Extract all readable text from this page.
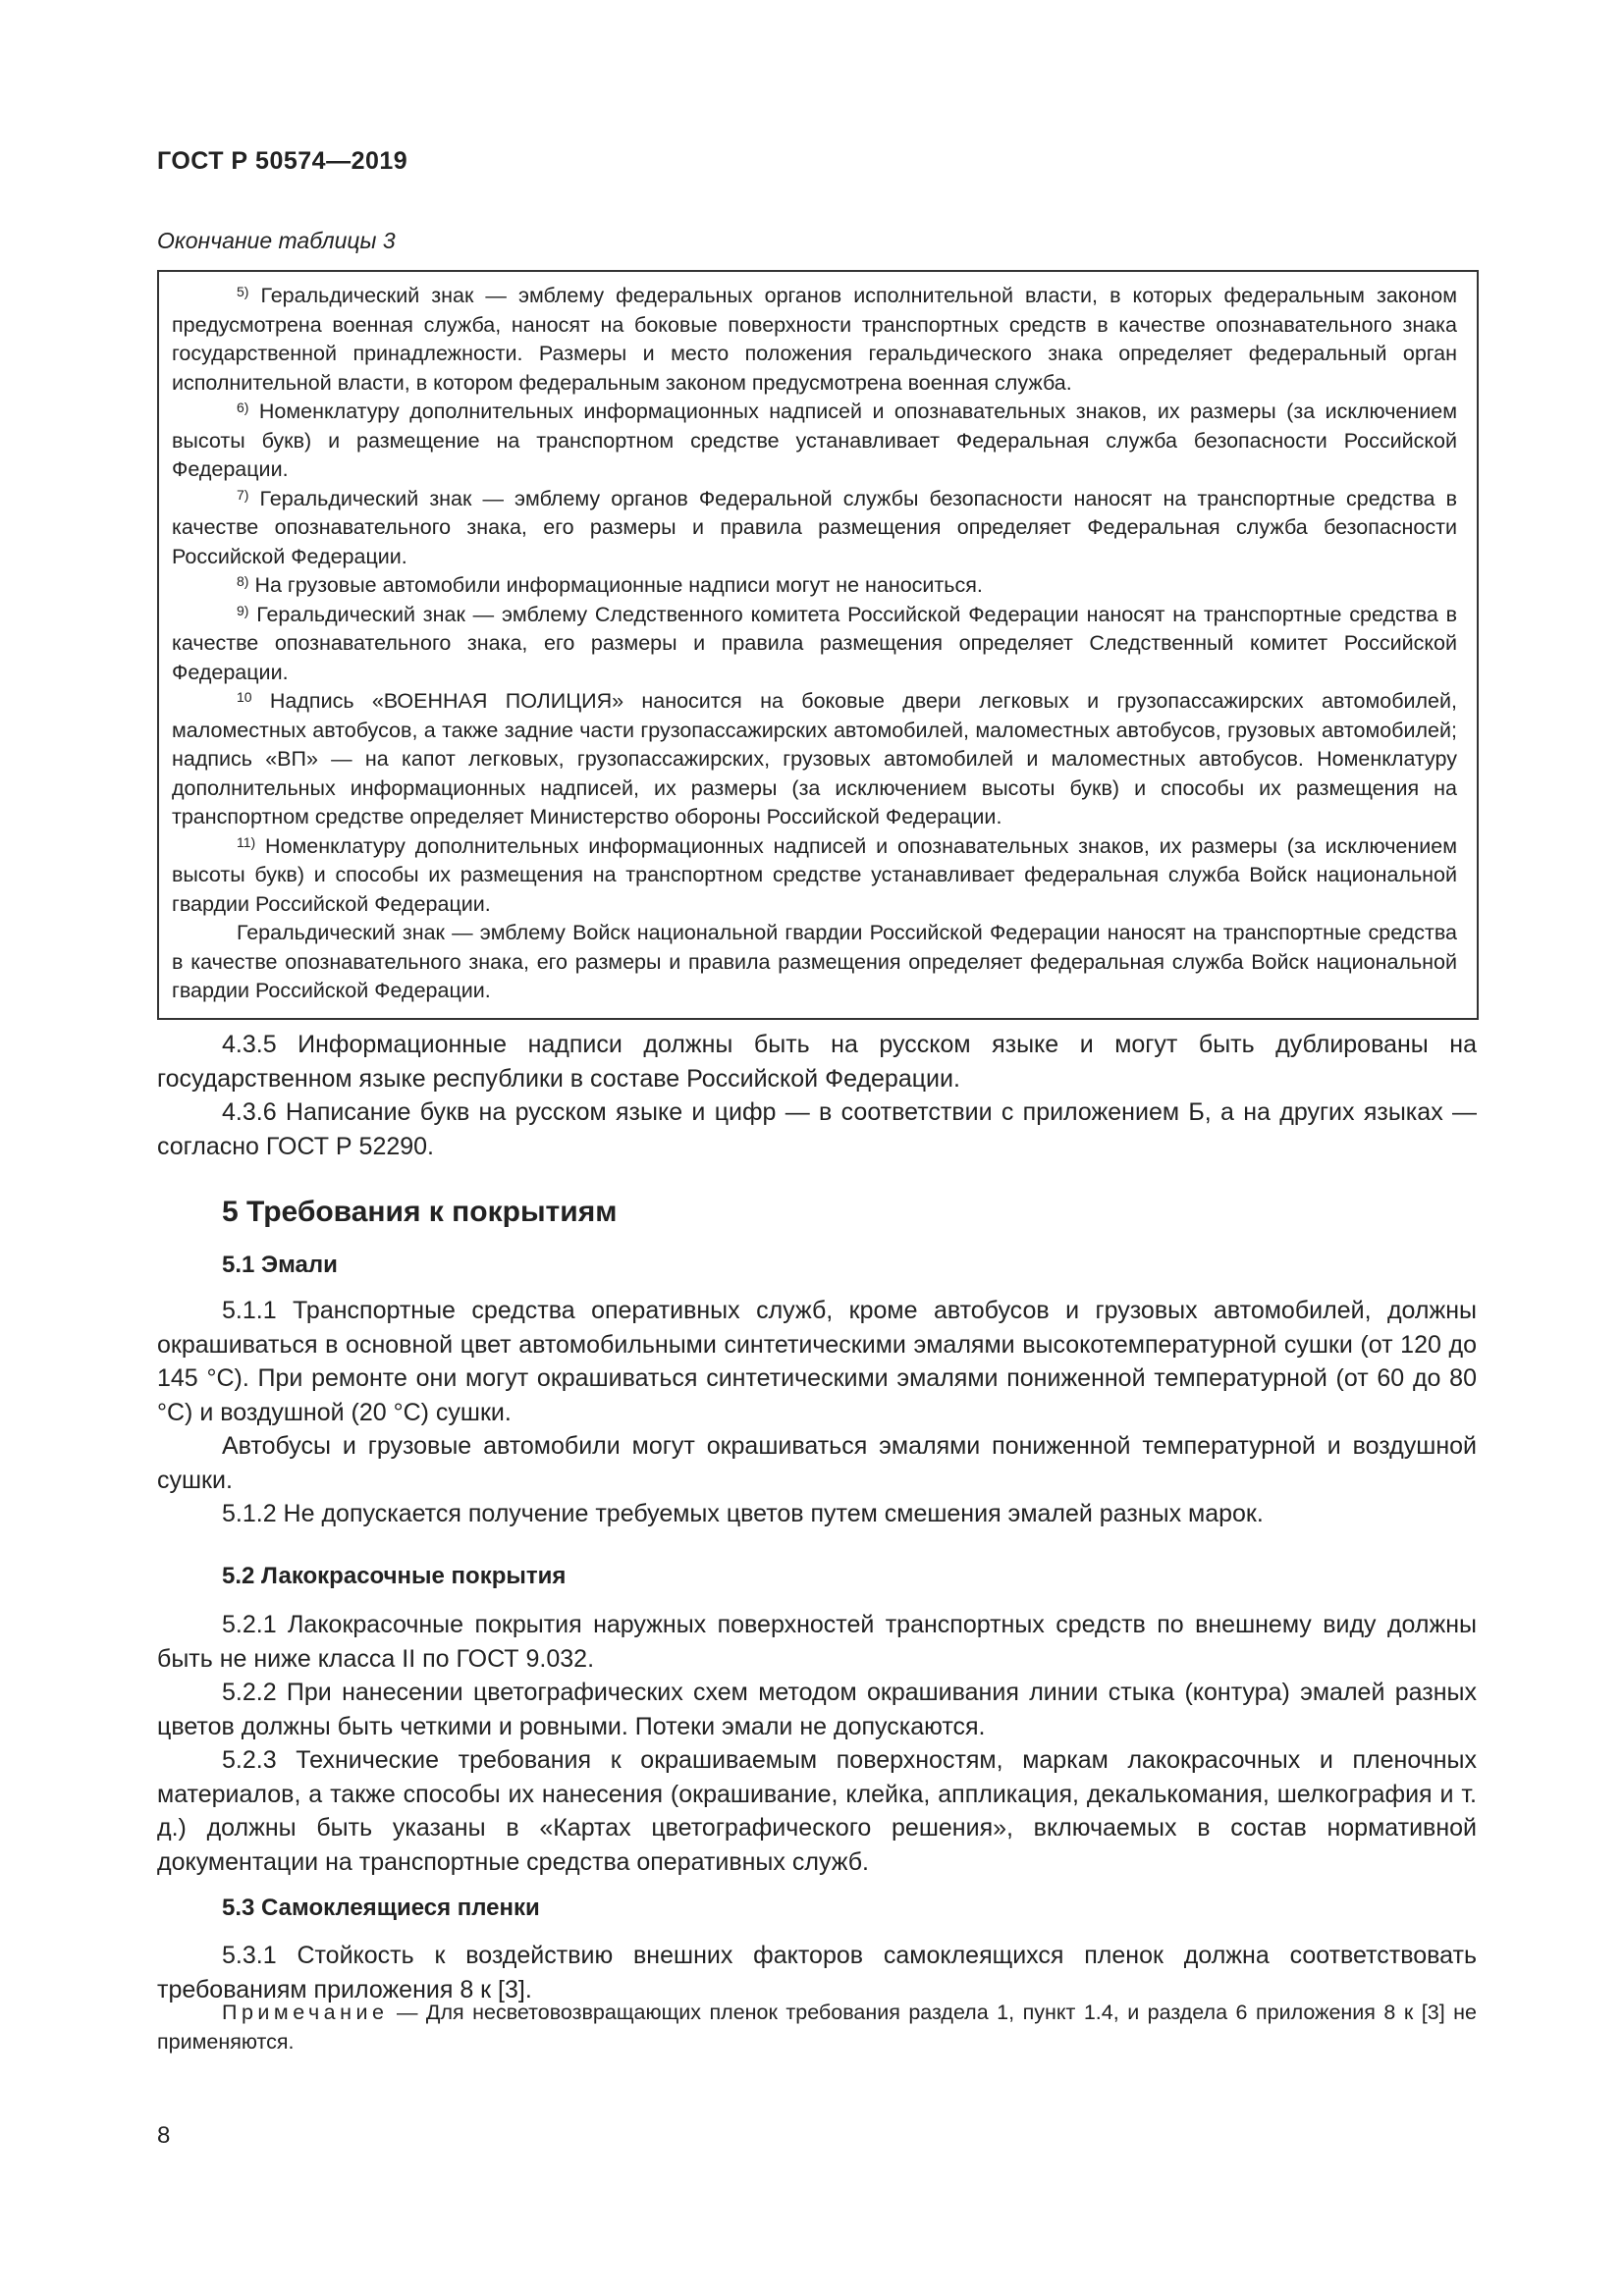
ГОСТ Р 50574—2019
Окончание таблицы 3

$^{5)}$ Геральдический знак — эмблему федеральных органов исполнительной власти, в которых федеральным законом предусмотрена военная служба, наносят на боковые поверхности транспортных средств в качестве опознавательного знака государственной принадлежности. Размеры и место положения геральдического знака определяет федеральный орган исполнительной власти, в котором федеральным законом предусмотрена военная служба.

$^{6)}$ Номенклатуру дополнительных информационных надписей и опознавательных знаков, их размеры (за исключением высоты букв) и размещение на транспортном средстве устанавливает Федеральная служба безопасности Российской Федерации.

$^{7)}$ Геральдический знак — эмблему органов Федеральной службы безопасности наносят на транспортные средства в качестве опознавательного знака, его размеры и правила размещения определяет Федеральная служба безопасности Российской Федерации.

$^{8)}$ На грузовые автомобили информационные надписи могут не наноситься.

$^{9)}$ Геральдический знак — эмблему Следственного комитета Российской Федерации наносят на транспортные средства в качестве опознавательного знака, его размеры и правила размещения определяет Следственный комитет Российской Федерации.

$^{10}$ Надпись «ВОЕННАЯ ПОЛИЦИЯ» наносится на боковые двери легковых и грузопассажирских автомобилей, маломестных автобусов, а также задние части грузопассажирских автомобилей, маломестных автобусов, грузовых автомобилей; надпись «ВП» — на капот легковых, грузопассажирских, грузовых автомобилей и маломестных автобусов. Номенклатуру дополнительных информационных надписей, их размеры (за исключением высоты букв) и способы их размещения на транспортном средстве определяет Министерство обороны Российской Федерации.

$^{11)}$ Номенклатуру дополнительных информационных надписей и опознавательных знаков, их размеры (за исключением высоты букв) и способы их размещения на транспортном средстве устанавливает федеральная служба Войск национальной гвардии Российской Федерации.

Геральдический знак — эмблему Войск национальной гвардии Российской Федерации наносят на транспортные средства в качестве опознавательного знака, его размеры и правила размещения определяет федеральная служба Войск национальной гвардии Российской Федерации.

4.3.5 Информационные надписи должны быть на русском языке и могут быть дублированы на государственном языке республики в составе Российской Федерации.

4.3.6 Написание букв на русском языке и цифр — в соответствии с приложением Б, а на других языках — согласно ГОСТ Р 52290.

5 Требования к покрытиям
5.1 Эмали

5.1.1 Транспортные средства оперативных служб, кроме автобусов и грузовых автомобилей, должны окрашиваться в основной цвет автомобильными синтетическими эмалями высокотемпературной сушки (от 120 до 145 °С). При ремонте они могут окрашиваться синтетическими эмалями пониженной температурной (от 60 до 80 °С) и воздушной (20 °С) сушки.

Автобусы и грузовые автомобили могут окрашиваться эмалями пониженной температурной и воздушной сушки.

5.1.2 Не допускается получение требуемых цветов путем смешения эмалей разных марок.

5.2 Лакокрасочные покрытия

5.2.1 Лакокрасочные покрытия наружных поверхностей транспортных средств по внешнему виду должны быть не ниже класса II по ГОСТ 9.032.

5.2.2 При нанесении цветографических схем методом окрашивания линии стыка (контура) эмалей разных цветов должны быть четкими и ровными. Потеки эмали не допускаются.

5.2.3 Технические требования к окрашиваемым поверхностям, маркам лакокрасочных и пленочных материалов, а также способы их нанесения (окрашивание, клейка, аппликация, декалькомания, шелкография и т. д.) должны быть указаны в «Картах цветографического решения», включаемых в состав нормативной документации на транспортные средства оперативных служб.

5.3 Самоклеящиеся пленки

5.3.1 Стойкость к воздействию внешних факторов самоклеящихся пленок должна соответствовать требованиям приложения 8 к [3].

Примечание — Для несветовозвращающих пленок требования раздела 1, пункт 1.4, и раздела 6 приложения 8 к [3] не применяются.

8
